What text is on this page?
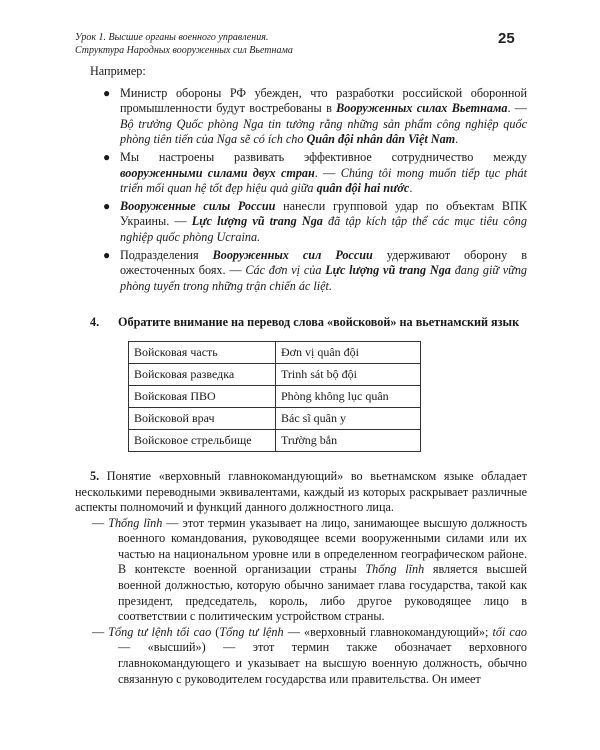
Урок 1. Высшие органы военного управления.
Структура Народных вооруженных сил Вьетнама
25

Например:

● Министр обороны РФ убежден, что разработки российской оборонной промышленности будут востребованы в Вооруженных силах Вьетнама. — Bộ trưởng Quốc phòng Nga tin tưởng rằng những sản phẩm công nghiệp quốc phòng tiên tiến của Nga sẽ có ích cho Quân đội nhân dân Việt Nam.
● Мы настроены развивать эффективное сотрудничество между вооруженными силами двух стран. — Chúng tôi mong muốn tiếp tục phát triển mối quan hệ tốt đẹp hiệu quả giữa quân đội hai nước.
● Вооруженные силы России нанесли групповой удар по объектам ВПК Украины. — Lực lượng vũ trang Nga đã tập kích tập thể các mục tiêu công nghiệp quốc phòng Ucraina.
● Подразделения Вооруженных сил России удерживают оборону в ожесточенных боях. — Các đơn vị của Lực lượng vũ trang Nga đang giữ vững phòng tuyến trong những trận chiến ác liệt.
4. Обратите внимание на перевод слова «войсковой» на вьетнамский язык
Войсковая часть	Đơn vị quân đội
Войсковая разведка	Trinh sát bộ đội
Войсковая ПВО	Phòng không lục quân
Войсковой врач	Bác sĩ quân y
Войсковое стрельбище	Trường bắn

5. Понятие «верховный главнокомандующий» во вьетнамском языке обладает несколькими переводными эквивалентами, каждый из которых раскрывает различные аспекты полномочий и функций данного должностного лица.

— Thống lĩnh — этот термин указывает на лицо, занимающее высшую должность военного командования, руководящее всеми вооруженными силами или их частью на национальном уровне или в определенном географическом районе. В контексте военной организации страны Thống lĩnh является высшей военной должностью, которую обычно занимает глава государства, такой как президент, председатель, король, либо другое руководящее лицо в соответствии с политическим устройством страны.

— Tổng tư lệnh tối cao (Tổng tư lệnh — «верховный главнокомандующий»; tối cao — «высший») — этот термин также обозначает верховного главнокомандующего и указывает на высшую военную должность, обычно связанную с руководителем государства или правительства. Он имеет
